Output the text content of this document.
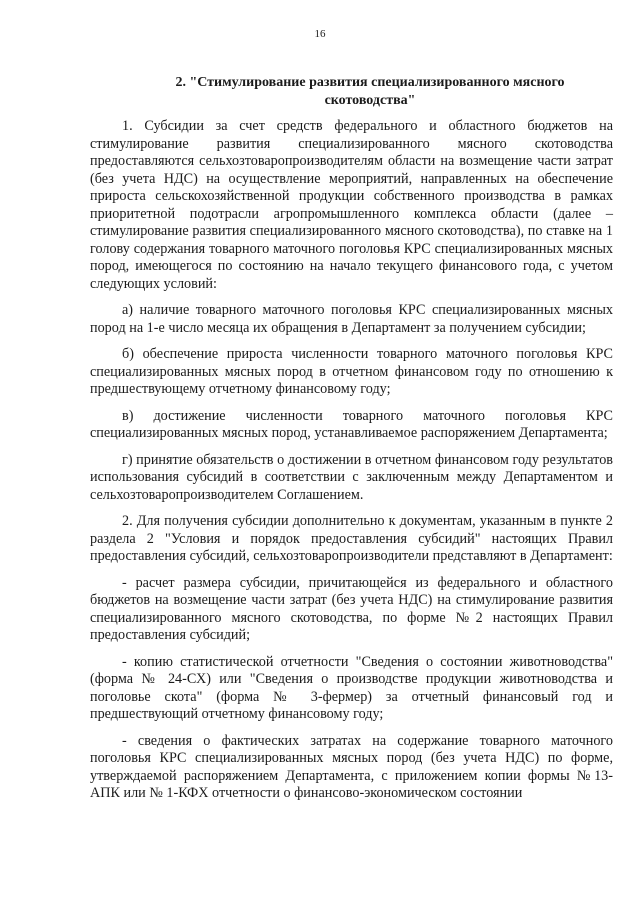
16
2. "Стимулирование развития специализированного мясного скотоводства"

1. Субсидии за счет средств федерального и областного бюджетов на стимулирование развития специализированного мясного скотоводства предоставляются сельхозтоваропроизводителям области на возмещение части затрат (без учета НДС) на осуществление мероприятий, направленных на обеспечение прироста сельскохозяйственной продукции собственного производства в рамках приоритетной подотрасли агропромышленного комплекса области (далее – стимулирование развития специализированного мясного скотоводства), по ставке на 1 голову содержания товарного маточного поголовья КРС специализированных мясных пород, имеющегося по состоянию на начало текущего финансового года, с учетом следующих условий:

а) наличие товарного маточного поголовья КРС специализированных мясных пород на 1-е число месяца их обращения в Департамент за получением субсидии;

б) обеспечение прироста численности товарного маточного поголовья КРС специализированных мясных пород в отчетном финансовом году по отношению к предшествующему отчетному финансовому году;

в) достижение численности товарного маточного поголовья КРС специализированных мясных пород, устанавливаемое распоряжением Департамента;

г) принятие обязательств о достижении в отчетном финансовом году результатов использования субсидий в соответствии с заключенным между Департаментом и сельхозтоваропроизводителем Соглашением.

2. Для получения субсидии дополнительно к документам, указанным в пункте 2 раздела 2 "Условия и порядок предоставления субсидий" настоящих Правил предоставления субсидий, сельхозтоваропроизводители представляют в Департамент:

- расчет размера субсидии, причитающейся из федерального и областного бюджетов на возмещение части затрат (без учета НДС) на стимулирование развития специализированного мясного скотоводства, по форме №2 настоящих Правил предоставления субсидий;

- копию статистической отчетности "Сведения о состоянии животноводства" (форма № 24-СХ) или "Сведения о производстве продукции животноводства и поголовье скота" (форма № 3-фермер) за отчетный финансовый год и предшествующий отчетному финансовому году;

- сведения о фактических затратах на содержание товарного маточного поголовья КРС специализированных мясных пород (без учета НДС) по форме, утверждаемой распоряжением Департамента, с приложением копии формы №13-АПК или № 1-КФХ отчетности о финансово-экономическом состоянии
